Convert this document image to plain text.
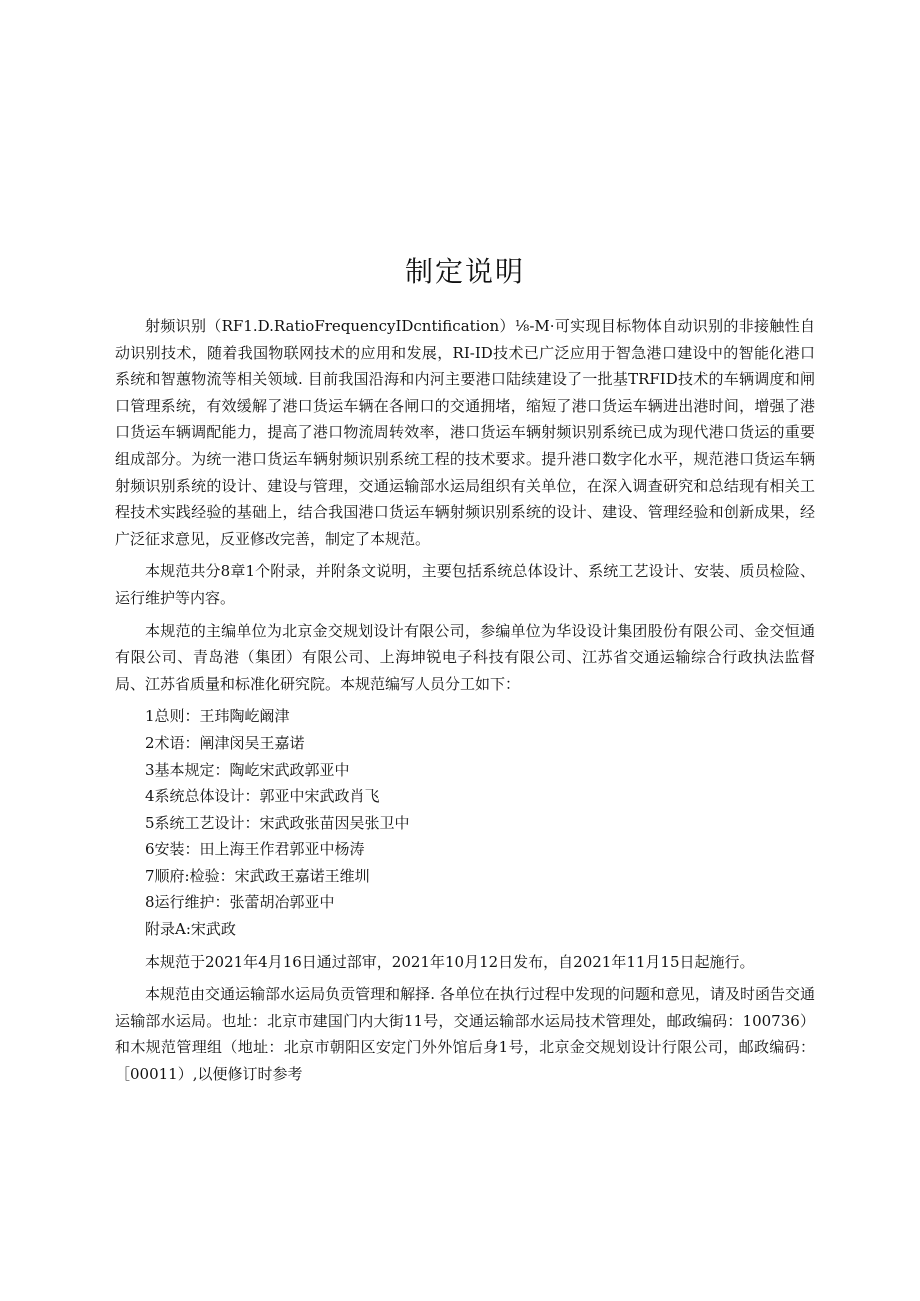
制定说明

射频识别（RF1.D.RatioFrequencyIDcntification）⅛-M·可实现目标物体自动识别的非接触性自动识别技术，随着我国物联网技术的应用和发展，RI-ID技术已广泛应用于智急港口建设中的智能化港口系统和智蕙物流等相关领域. 目前我国沿海和内河主要港口陆续建设了一批基TRFID技术的车辆调度和闸口管理系统，有效缓解了港口货运车辆在各闸口的交通拥堵，缩短了港口货运车辆进出港时间，增强了港口货运车辆调配能力，提高了港口物流周转效率，港口货运车辆射频识别系统已成为现代港口货运的重要组成部分。为统一港口货运车辆射频识别系统工程的技术要求。提升港口数字化水平，规范港口货运车辆射频识别系统的设计、建设与管理，交通运输部水运局组织有关单位，在深入调查研究和总结现有相关工程技术实践经验的基础上，结合我国港口货运车辆射频识别系统的设计、建设、管理经验和创新成果，经广泛征求意见，反亚修改完善，制定了本规范。

本规范共分8章1个附录，并附条文说明，主要包括系统总体设计、系统工艺设计、安装、质员检险、运行维护等内容。

本规范的主编单位为北京金交规划设计有限公司，参编单位为华设设计集团股份有限公司、金交恒通有限公司、青岛港（集团）有限公司、上海坤锐电子科技有限公司、江苏省交通运输综合行政执法监督局、江苏省质量和标准化研究院。本规范编写人员分工如下：

1总则：王玮陶屹阚津
2术语：阐津闵吴王嘉诺
3基本规定：陶屹宋武政郭亚中
4系统总体设计：郭亚中宋武政肖飞
5系统工艺设计：宋武政张苗因吴张卫中
6安装：田上海王作君郭亚中杨涛
7顺府:检验：宋武政王嘉诺王维圳
8运行维护：张蕾胡冶郭亚中
附录A:宋武政

本规范于2021年4月16日通过部审，2021年10月12日发布，自2021年11月15日起施行。

本规范由交通运输部水运局负贡管理和解择. 各单位在执行过程中发现的问题和意见，请及时函告交通运输部水运局。也址：北京市建国门内大街11号，交通运输部水运局技术管理处，邮政编码：100736）和木规范管理组（地址：北京市朝阳区安定门外外馆后身1号，北京金交规划设计行限公司，邮政编码：［00011）,以便修订时参考
